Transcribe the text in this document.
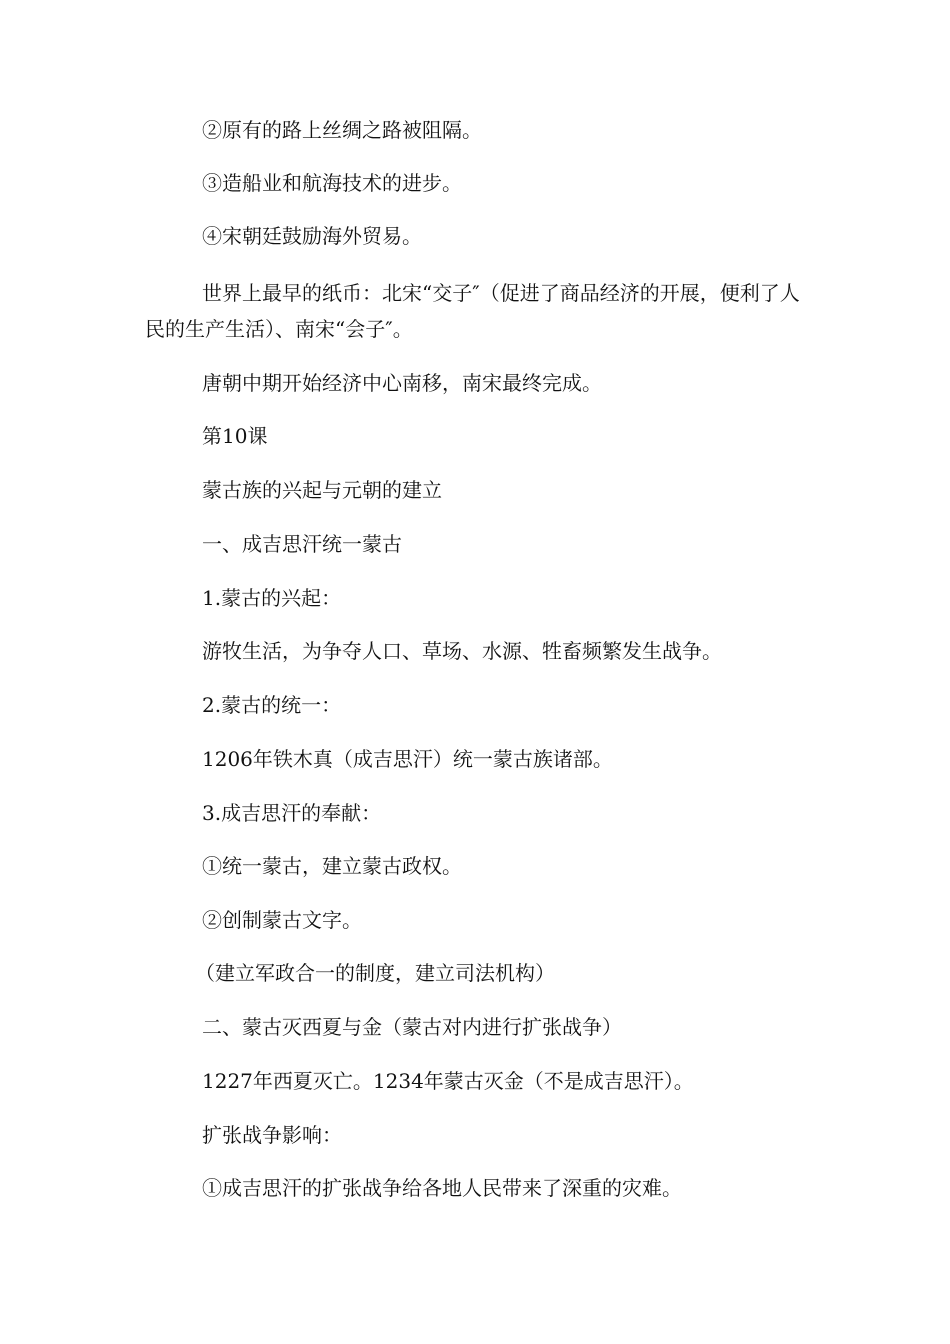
②原有的路上丝绸之路被阻隔。

③造船业和航海技术的进步。

④宋朝廷鼓励海外贸易。

世界上最早的纸币：北宋“交子″（促进了商品经济的开展，便利了人民的生产生活）、南宋“会子″。

唐朝中期开始经济中心南移，南宋最终完成。

第10课

蒙古族的兴起与元朝的建立

一、成吉思汗统一蒙古

1.蒙古的兴起：

游牧生活，为争夺人口、草场、水源、牲畜频繁发生战争。

2.蒙古的统一：

1206年铁木真（成吉思汗）统一蒙古族诸部。

3.成吉思汗的奉献：

①统一蒙古，建立蒙古政权。

②创制蒙古文字。

（建立军政合一的制度，建立司法机构）

二、蒙古灭西夏与金（蒙古对内进行扩张战争）

1227年西夏灭亡。1234年蒙古灭金（不是成吉思汗）。

扩张战争影响：

①成吉思汗的扩张战争给各地人民带来了深重的灾难。
